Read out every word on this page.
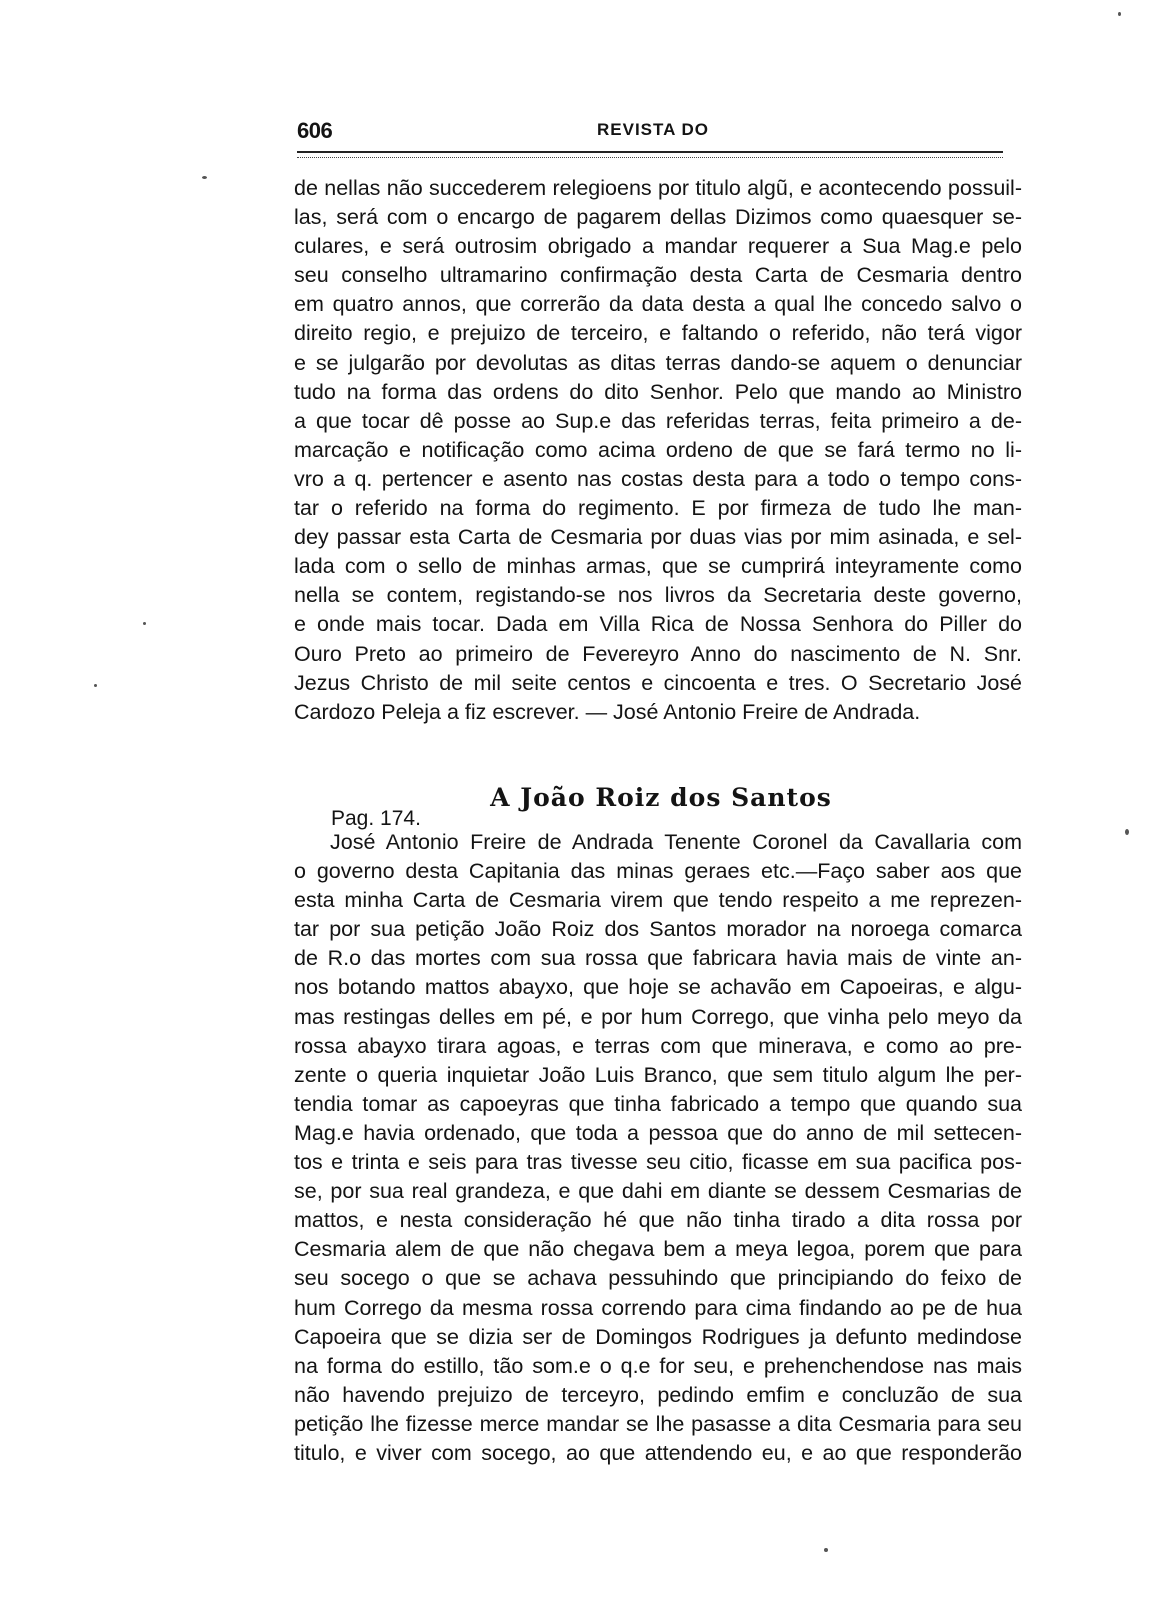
606	REVISTA DO
de nellas não succederem relegioens por titulo algũ, e acontecendo possuil-
las, será com o encargo de pagarem dellas Dizimos como quaesquer se-
culares, e será outrosim obrigado a mandar requerer a Sua Mag.e pelo
seu conselho ultramarino confirmação desta Carta de Cesmaria dentro
em quatro annos, que correrão da data desta a qual lhe concedo salvo o
direito regio, e prejuizo de terceiro, e faltando o referido, não terá vigor
e se julgarão por devolutas as ditas terras dando-se aquem o denunciar
tudo na forma das ordens do dito Senhor. Pelo que mando ao Ministro
a que tocar dê posse ao Sup.e das referidas terras, feita primeiro a de-
marcação e notificação como acima ordeno de que se fará termo no li-
vro a q. pertencer e asento nas costas desta para a todo o tempo cons-
tar o referido na forma do regimento. E por firmeza de tudo lhe man-
dey passar esta Carta de Cesmaria por duas vias por mim asinada, e sel-
lada com o sello de minhas armas, que se cumprirá inteyramente como
nella se contem, registando-se nos livros da Secretaria deste governo,
e onde mais tocar. Dada em Villa Rica de Nossa Senhora do Piller do
Ouro Preto ao primeiro de Fevereyro Anno do nascimento de N. Snr.
Jezus Christo de mil seite centos e cincoenta e tres. O Secretario José
Cardozo Peleja a fiz escrever. — José Antonio Freire de Andrada.
A João Roiz dos Santos
Pag. 174.
José Antonio Freire de Andrada Tenente Coronel da Cavallaria com
o governo desta Capitania das minas geraes etc.—Faço saber aos que
esta minha Carta de Cesmaria virem que tendo respeito a me reprezen-
tar por sua petição João Roiz dos Santos morador na noroega comarca
de R.o das mortes com sua rossa que fabricara havia mais de vinte an-
nos botando mattos abayxo, que hoje se achavão em Capoeiras, e algu-
mas restingas delles em pé, e por hum Corrego, que vinha pelo meyo da
rossa abayxo tirara agoas, e terras com que minerava, e como ao pre-
zente o queria inquietar João Luis Branco, que sem titulo algum lhe per-
tendia tomar as capoeyras que tinha fabricado a tempo que quando sua
Mag.e havia ordenado, que toda a pessoa que do anno de mil settecen-
tos e trinta e seis para tras tivesse seu citio, ficasse em sua pacifica pos-
se, por sua real grandeza, e que dahi em diante se dessem Cesmarias de
mattos, e nesta consideração hé que não tinha tirado a dita rossa por
Cesmaria alem de que não chegava bem a meya legoa, porem que para
seu socego o que se achava pessuhindo que principiando do feixo de
hum Corrego da mesma rossa correndo para cima findando ao pe de hua
Capoeira que se dizia ser de Domingos Rodrigues ja defunto medindose
na forma do estillo, tão som.e o q.e for seu, e prehenchendose nas mais
não havendo prejuizo de terceyro, pedindo emfim e concluzão de sua
petição lhe fizesse merce mandar se lhe pasasse a dita Cesmaria para seu
titulo, e viver com socego, ao que attendendo eu, e ao que responderão
